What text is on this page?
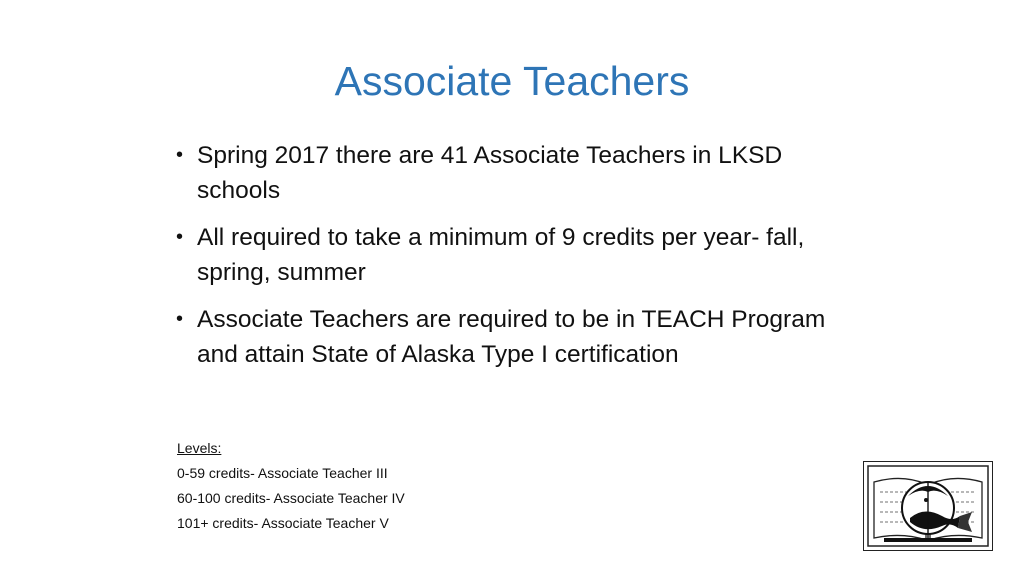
Associate Teachers
• Spring 2017 there are 41 Associate Teachers in LKSD schools
• All required to take a minimum of 9 credits per year- fall, spring, summer
• Associate Teachers are required to be in TEACH Program and attain State of Alaska Type I certification
Levels:
0-59 credits- Associate Teacher III
60-100 credits- Associate Teacher IV
101+ credits- Associate Teacher V
